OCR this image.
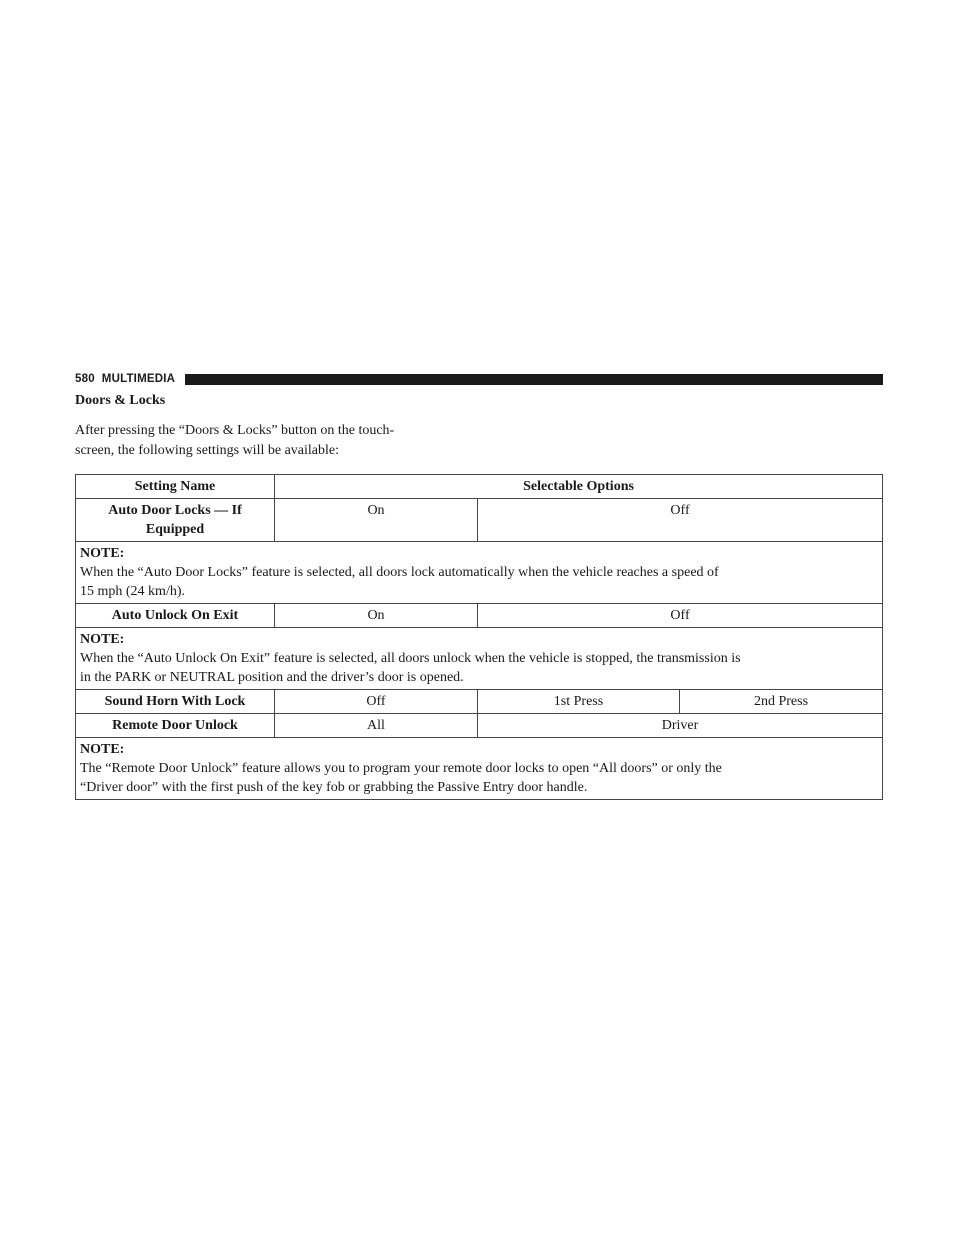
580 MULTIMEDIA
Doors & Locks
After pressing the “Doors & Locks” button on the touch-
screen, the following settings will be available:
Setting Name	Selectable Options		
Auto Door Locks — If
Equipped	On	Off	

NOTE:
When the “Auto Door Locks” feature is selected, all doors lock automatically when the vehicle reaches a speed of
15 mph (24 km/h).			

Auto Unlock On Exit	On	Off	

NOTE:
When the “Auto Unlock On Exit” feature is selected, all doors unlock when the vehicle is stopped, the transmission is
in the PARK or NEUTRAL position and the driver’s door is opened.			

Sound Horn With Lock	Off	1st Press	2nd Press
Remote Door Unlock	All	Driver	

NOTE:
The “Remote Door Unlock” feature allows you to program your remote door locks to open “All doors” or only the
“Driver door” with the first push of the key fob or grabbing the Passive Entry door handle.			
